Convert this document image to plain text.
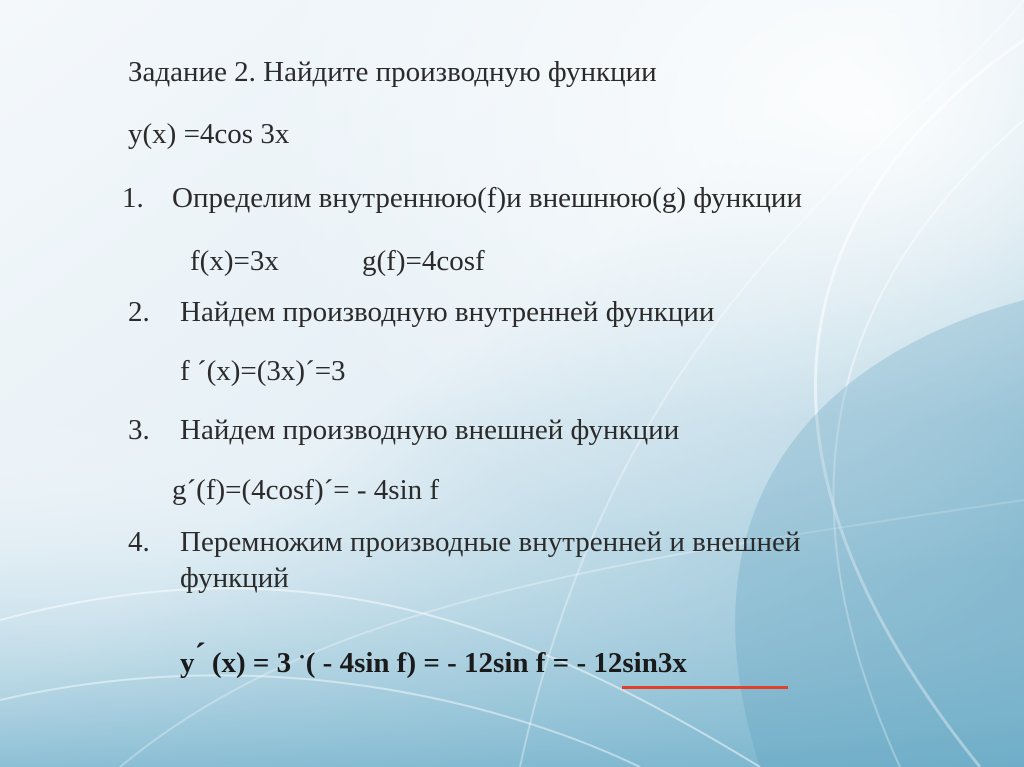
Задание 2. Найдите производную функции
y(x) =4cos 3x
1. Определим внутреннюю(f)и внешнюю(g) функции
f(x)=3x	g(f)=4cosf
2. Найдем производную внутренней функции
f ´(x)=(3x)´=3
3. Найдем производную внешней функции
g´(f)=(4cosf)´= - 4sin f
4. Перемножим производные внутренней и внешней
функций
y´ (x) = 3 ·( - 4sin f) = - 12sin f = - 12sin3x
